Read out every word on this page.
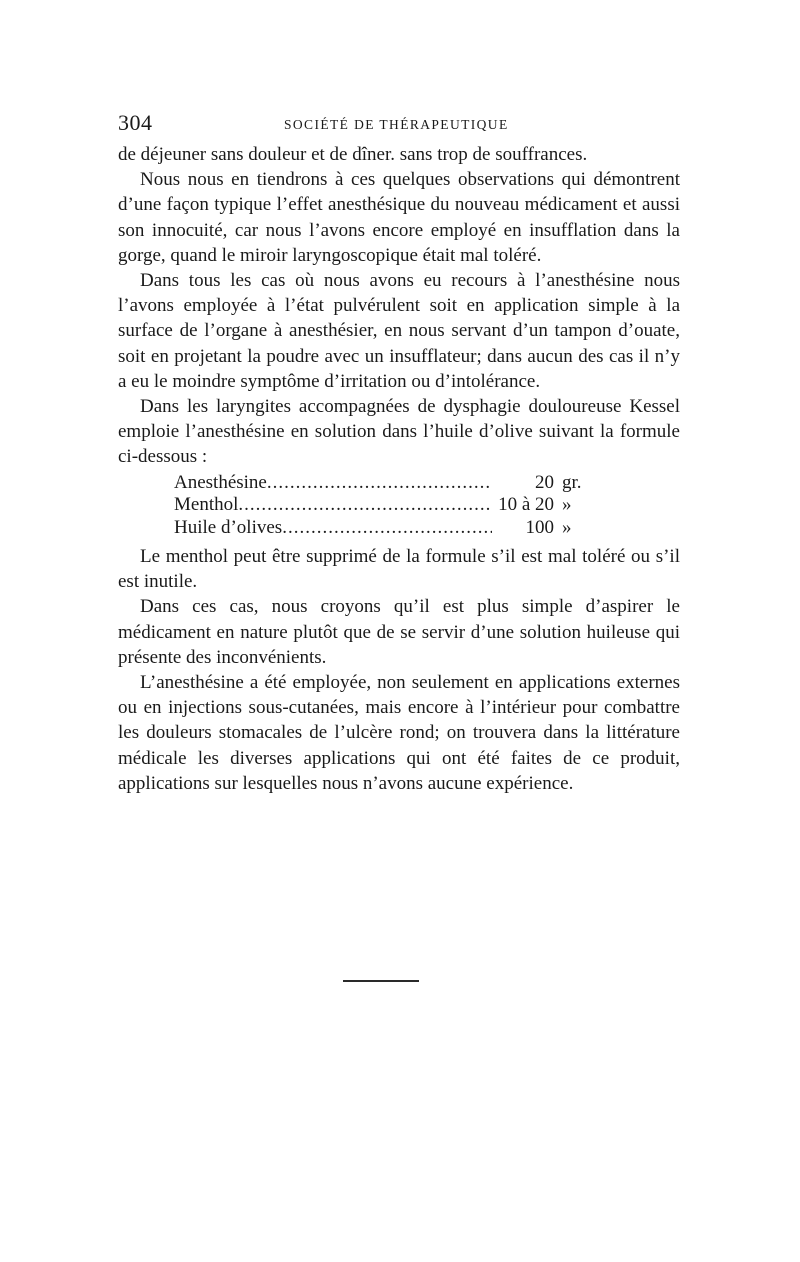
304	SOCIÉTÉ DE THÉRAPEUTIQUE

de déjeuner sans douleur et de dîner. sans trop de souffrances.

Nous nous en tiendrons à ces quelques observations qui démontrent d’une façon typique l’effet anesthésique du nouveau médicament et aussi son innocuité, car nous l’avons encore employé en insufflation dans la gorge, quand le miroir laryngoscopique était mal toléré.

Dans tous les cas où nous avons eu recours à l’anesthésine nous l’avons employée à l’état pulvérulent soit en application simple à la surface de l’organe à anesthésier, en nous servant d’un tampon d’ouate, soit en projetant la poudre avec un insufflateur; dans aucun des cas il n’y a eu le moindre symptôme d’irritation ou d’intolérance.

Dans les laryngites accompagnées de dysphagie douloureuse Kessel emploie l’anesthésine en solution dans l’huile d’olive suivant la formule ci-dessous :

Anesthésine .....	20 gr.
Menthol .....	10 à 20 »
Huile d’olives .....	100 »

Le menthol peut être supprimé de la formule s’il est mal toléré ou s’il est inutile.

Dans ces cas, nous croyons qu’il est plus simple d’aspirer le médicament en nature plutôt que de se servir d’une solution huileuse qui présente des inconvénients.

L’anesthésine a été employée, non seulement en applications externes ou en injections sous-cutanées, mais encore à l’intérieur pour combattre les douleurs stomacales de l’ulcère rond; on trouvera dans la littérature médicale les diverses applications qui ont été faites de ce produit, applications sur lesquelles nous n’avons aucune expérience.
